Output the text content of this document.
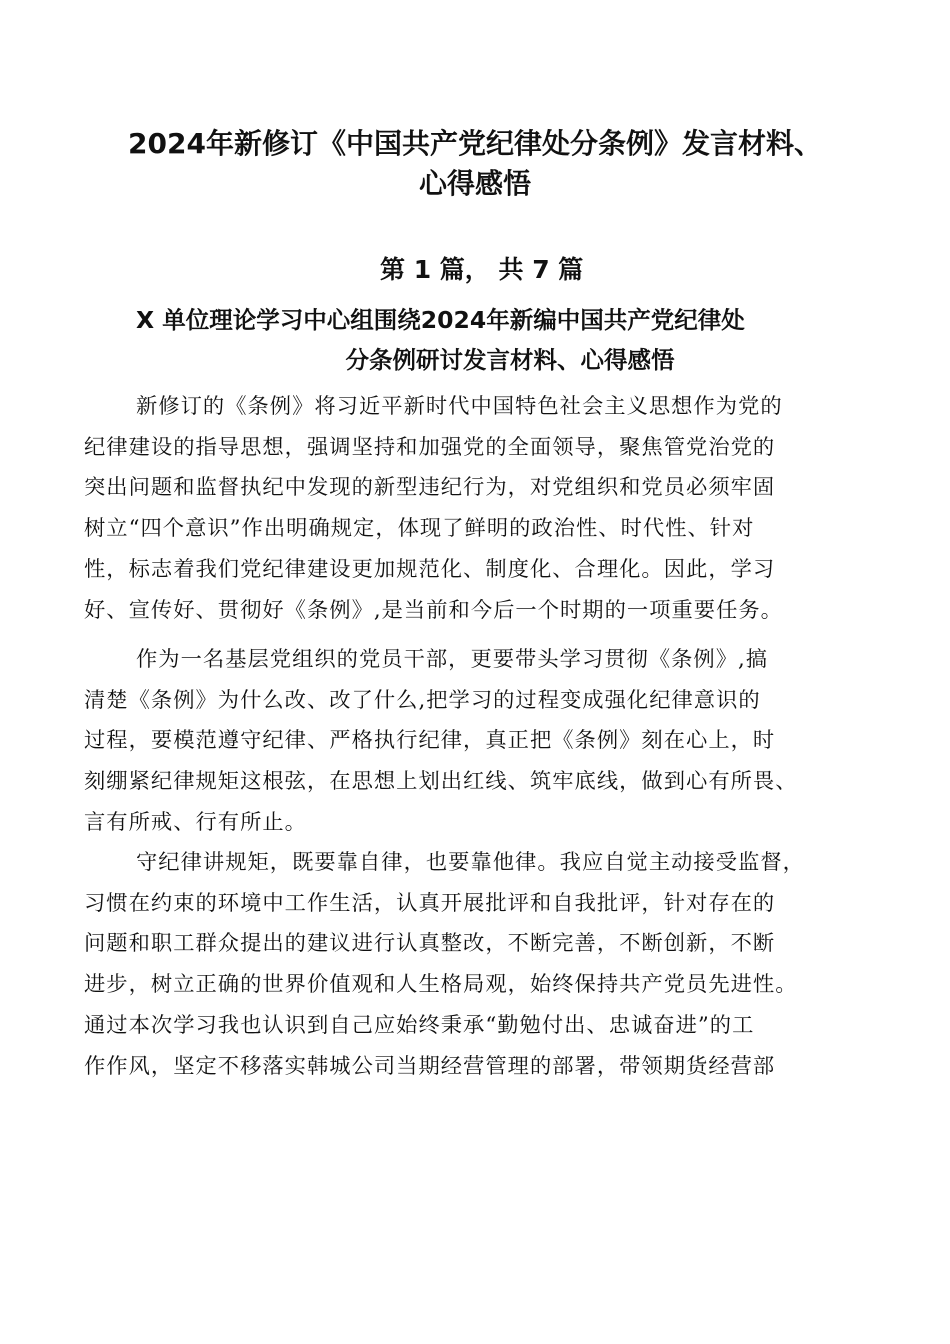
2024年新修订《中国共产党纪律处分条例》发言材料、
心得感悟
第 1 篇， 共 7 篇
X 单位理论学习中心组围绕2024年新编中国共产党纪律处
分条例研讨发言材料、心得感悟
新修订的《条例》将习近平新时代中国特色社会主义思想作为党的
纪律建设的指导思想，强调坚持和加强党的全面领导，聚焦管党治党的
突出问题和监督执纪中发现的新型违纪行为，对党组织和党员必须牢固
树立“四个意识”作出明确规定，体现了鲜明的政治性、时代性、针对
性，标志着我们党纪律建设更加规范化、制度化、合理化。因此，学习
好、宣传好、贯彻好《条例》,是当前和今后一个时期的一项重要任务。
作为一名基层党组织的党员干部，更要带头学习贯彻《条例》,搞
清楚《条例》为什么改、改了什么,把学习的过程变成强化纪律意识的
过程，要模范遵守纪律、严格执行纪律，真正把《条例》刻在心上，时
刻绷紧纪律规矩这根弦，在思想上划出红线、筑牢底线，做到心有所畏、
言有所戒、行有所止。
守纪律讲规矩，既要靠自律，也要靠他律。我应自觉主动接受监督，
习惯在约束的环境中工作生活，认真开展批评和自我批评，针对存在的
问题和职工群众提出的建议进行认真整改，不断完善，不断创新，不断
进步，树立正确的世界价值观和人生格局观，始终保持共产党员先进性。
通过本次学习我也认识到自己应始终秉承“勤勉付出、忠诚奋进”的工
作作风，坚定不移落实韩城公司当期经营管理的部署，带领期货经营部
